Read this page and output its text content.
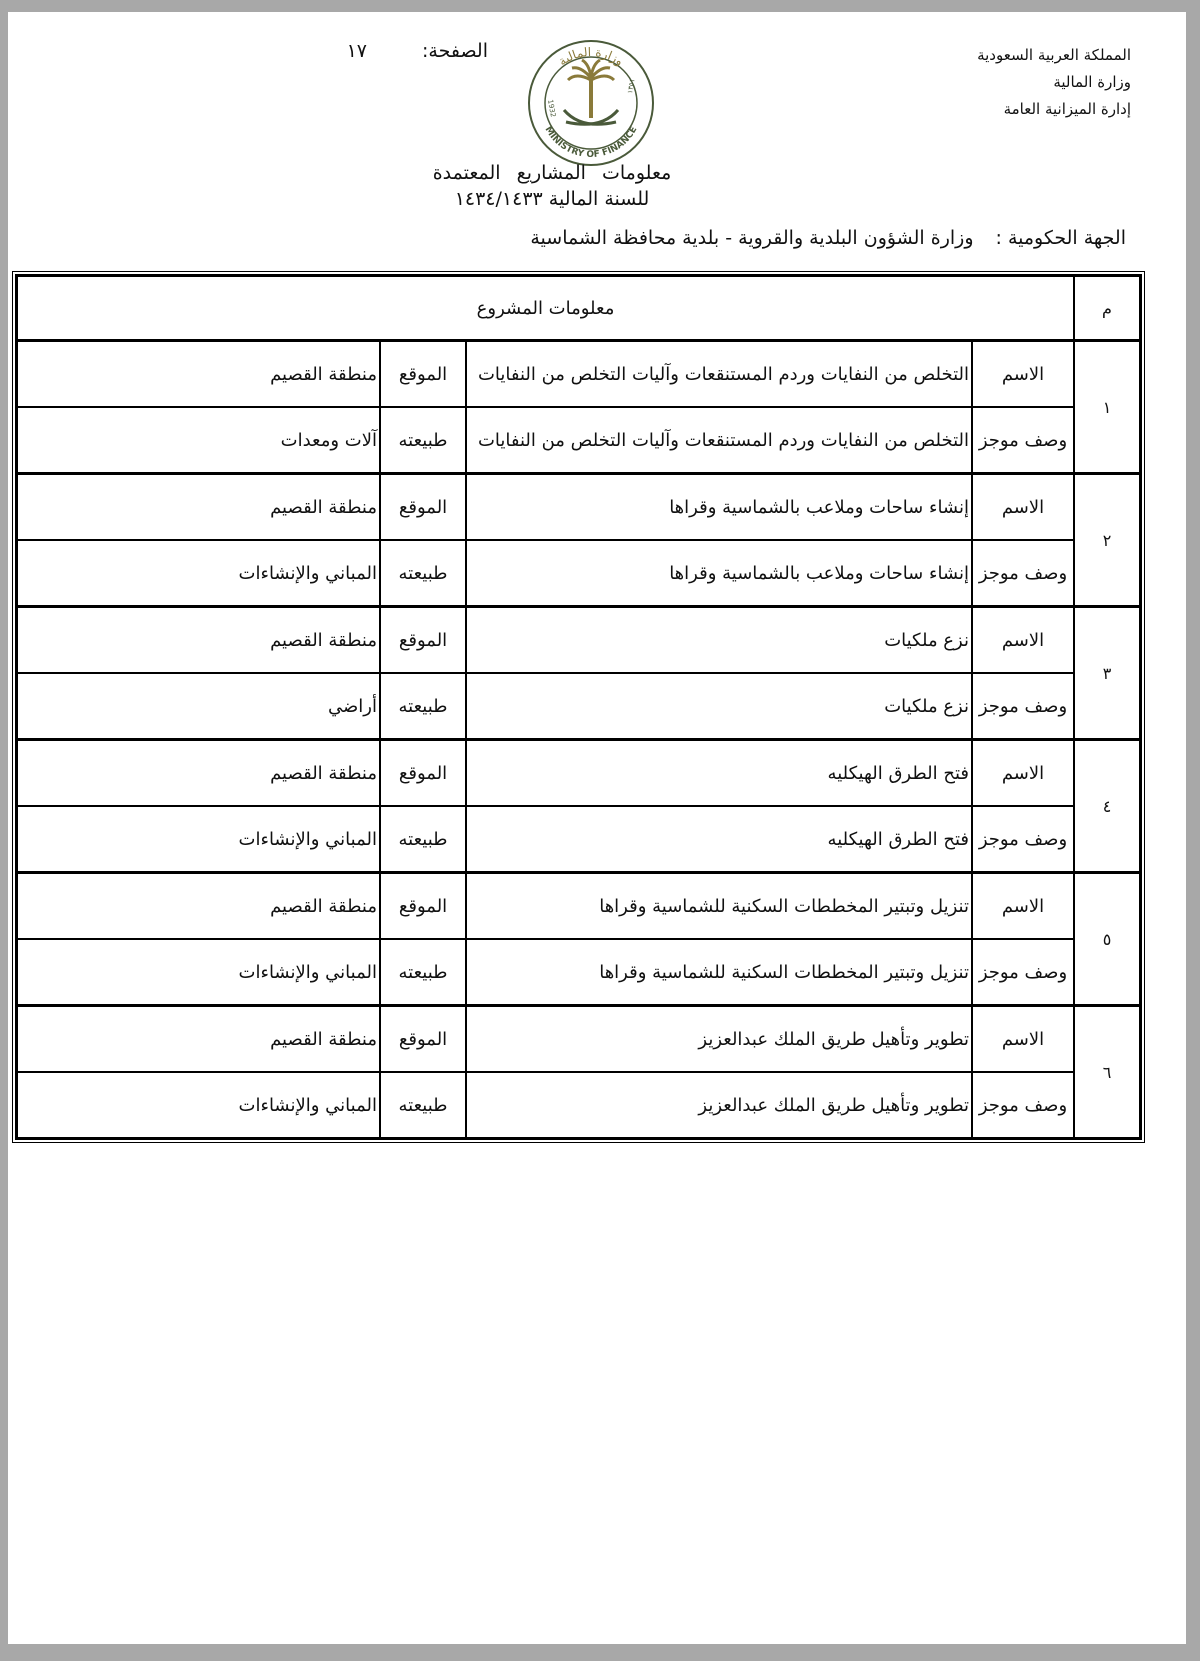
المملكة العربية السعودية
وزارة المالية
إدارة الميزانية العامة
الصفحة:
١٧	وزارة المالية
MINISTRY OF FINANCE
1932
١٣٥١
معلومات المشاريع المعتمدة
للسنة المالية ١٤٣٤/١٤٣٣
الجهة الحكومية :
وزارة الشؤون البلدية والقروية - بلدية محافظة الشماسية
م	معلومات المشروع			
١	الاسم	التخلص من النفايات وردم المستنقعات وآليات التخلص من النفايات	الموقع	منطقة القصيم
	وصف موجز	التخلص من النفايات وردم المستنقعات وآليات التخلص من النفايات	طبيعته	آلات ومعدات
٢	الاسم	إنشاء ساحات وملاعب بالشماسية وقراها	الموقع	منطقة القصيم
	وصف موجز	إنشاء ساحات وملاعب بالشماسية وقراها	طبيعته	المباني والإنشاءات
٣	الاسم	نزع ملكيات	الموقع	منطقة القصيم
	وصف موجز	نزع ملكيات	طبيعته	أراضي
٤	الاسم	فتح الطرق الهيكليه	الموقع	منطقة القصيم
	وصف موجز	فتح الطرق الهيكليه	طبيعته	المباني والإنشاءات
٥	الاسم	تنزيل وتبتير المخططات السكنية للشماسية وقراها	الموقع	منطقة القصيم
	وصف موجز	تنزيل وتبتير المخططات السكنية للشماسية وقراها	طبيعته	المباني والإنشاءات
٦	الاسم	تطوير وتأهيل طريق الملك عبدالعزيز	الموقع	منطقة القصيم
	وصف موجز	تطوير وتأهيل طريق الملك عبدالعزيز	طبيعته	المباني والإنشاءات
